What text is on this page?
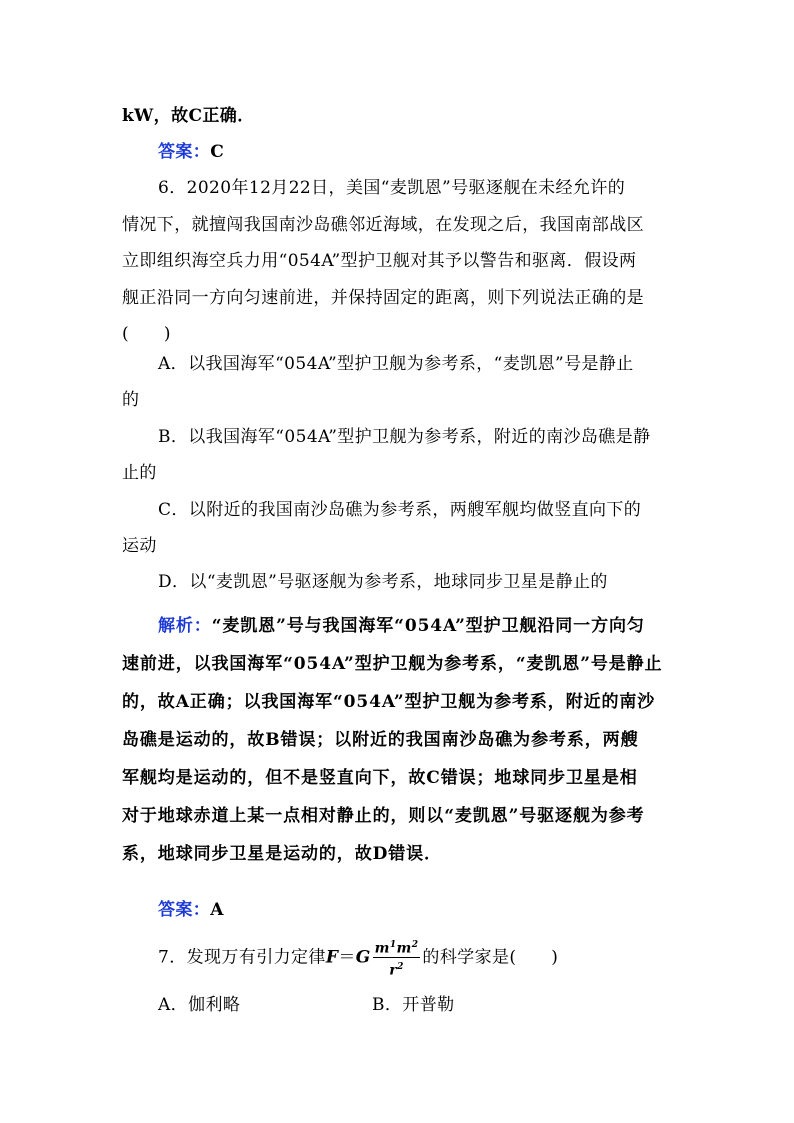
kW，故C正确．
答案：C
6．2020年12月22日，美国“麦凯恩”号驱逐舰在未经允许的
情况下，就擅闯我国南沙岛礁邻近海域，在发现之后，我国南部战区
立即组织海空兵力用“054A”型护卫舰对其予以警告和驱离．假设两
舰正沿同一方向匀速前进，并保持固定的距离，则下列说法正确的是
(　　)
A．以我国海军“054A”型护卫舰为参考系，“麦凯恩”号是静止
的
B．以我国海军“054A”型护卫舰为参考系，附近的南沙岛礁是静
止的
C．以附近的我国南沙岛礁为参考系，两艘军舰均做竖直向下的
运动
D．以“麦凯恩”号驱逐舰为参考系，地球同步卫星是静止的
解析：“麦凯恩”号与我国海军“054A”型护卫舰沿同一方向匀
速前进，以我国海军“054A”型护卫舰为参考系，“麦凯恩”号是静止
的，故A正确；以我国海军“054A”型护卫舰为参考系，附近的南沙
岛礁是运动的，故B错误；以附近的我国南沙岛礁为参考系，两艘
军舰均是运动的，但不是竖直向下，故C错误；地球同步卫星是相
对于地球赤道上某一点相对静止的，则以“麦凯恩”号驱逐舰为参考
系，地球同步卫星是运动的，故D错误．
答案：A
7．发现万有引力定律$F=G \frac{m^1m^2}{r^2}$ 的科学家是(　　)
A．伽利略	B．开普勒
